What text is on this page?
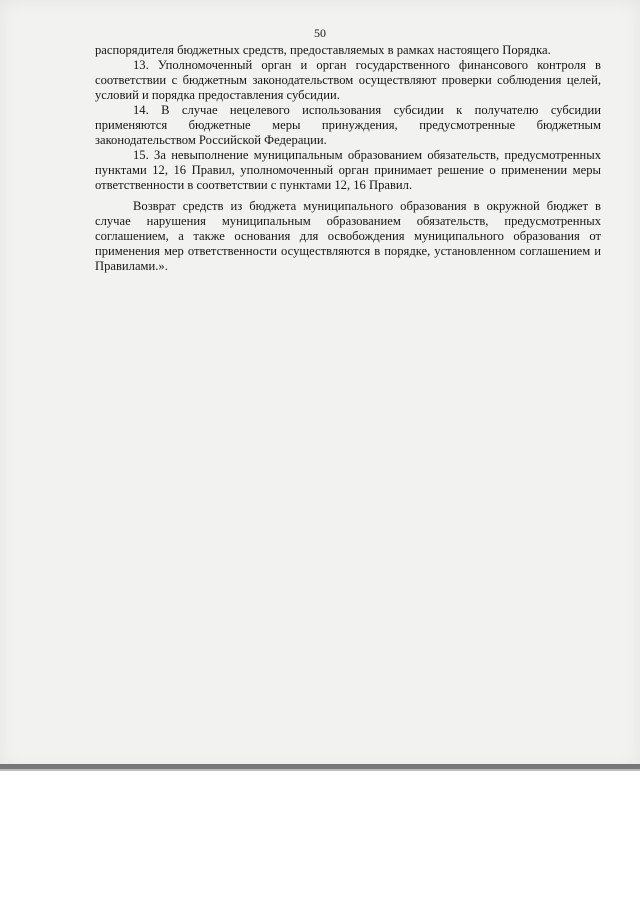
50

распорядителя бюджетных средств, предоставляемых в рамках настоящего Порядка.

13. Уполномоченный орган и орган государственного финансового контроля в соответствии с бюджетным законодательством осуществляют проверки соблюдения целей, условий и порядка предоставления субсидии.

14. В случае нецелевого использования субсидии к получателю субсидии применяются бюджетные меры принуждения, предусмотренные бюджетным законодательством Российской Федерации.

15. За невыполнение муниципальным образованием обязательств, предусмотренных пунктами 12, 16 Правил, уполномоченный орган принимает решение о применении меры ответственности в соответствии с пунктами 12, 16 Правил.

Возврат средств из бюджета муниципального образования в окружной бюджет в случае нарушения муниципальным образованием обязательств, предусмотренных соглашением, а также основания для освобождения муниципального образования от применения мер ответственности осуществляются в порядке, установленном соглашением и Правилами.».
